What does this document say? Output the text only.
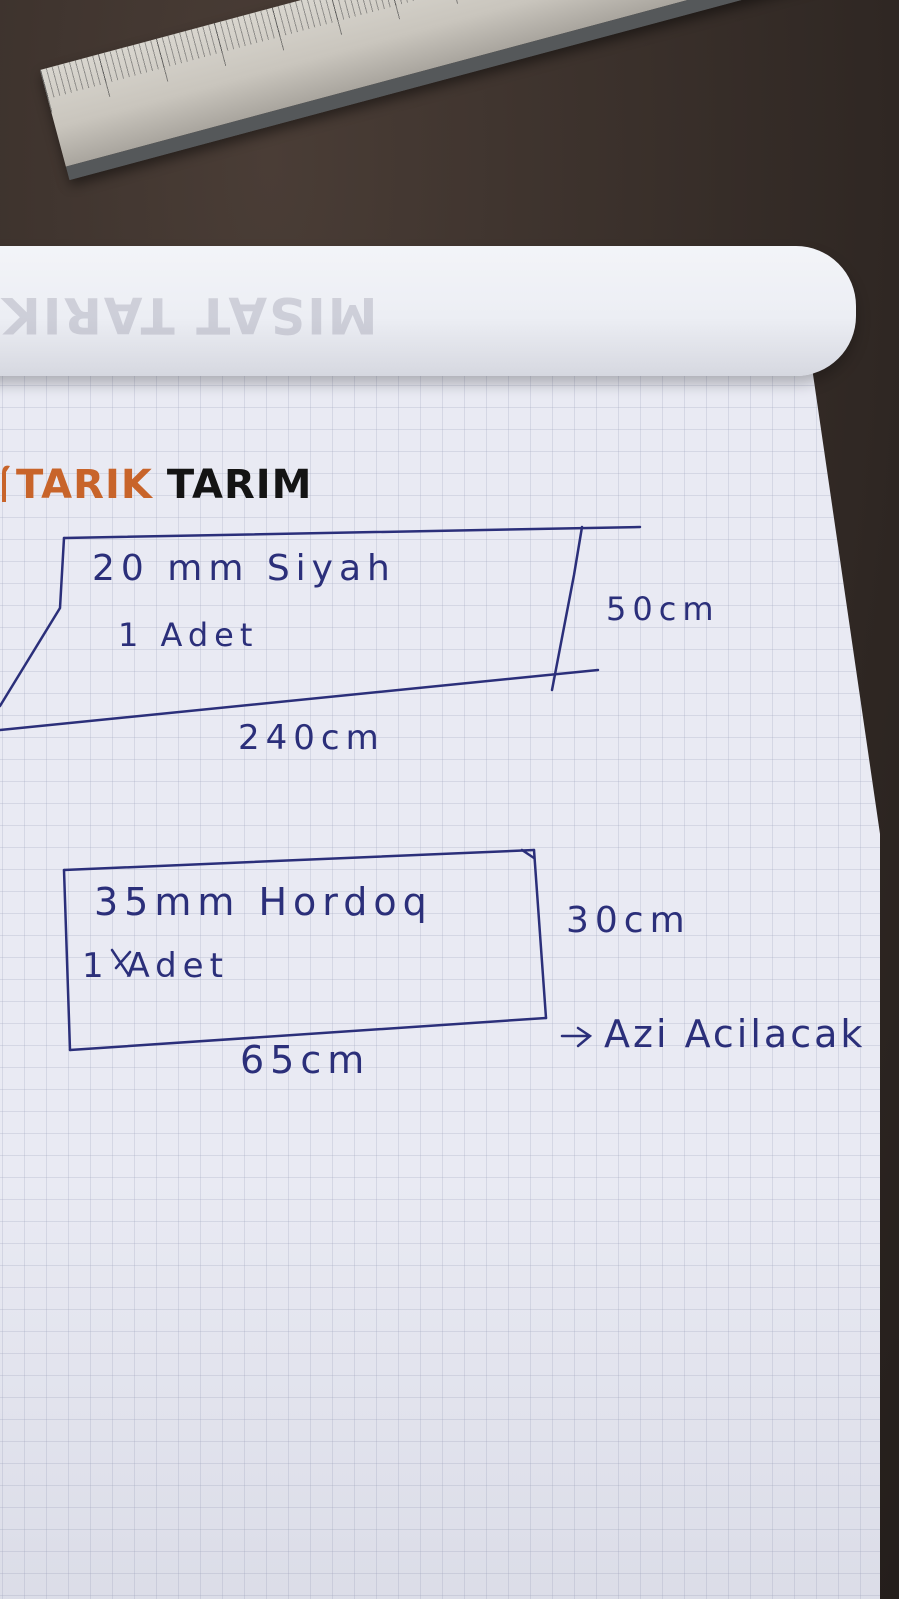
MISAT TARIK
TARIK TARIM
20 mm Siyah
1 Adet
50cm
240cm
35mm Hordoq
1 Adet
30cm
65cm
Azi Acilacak
